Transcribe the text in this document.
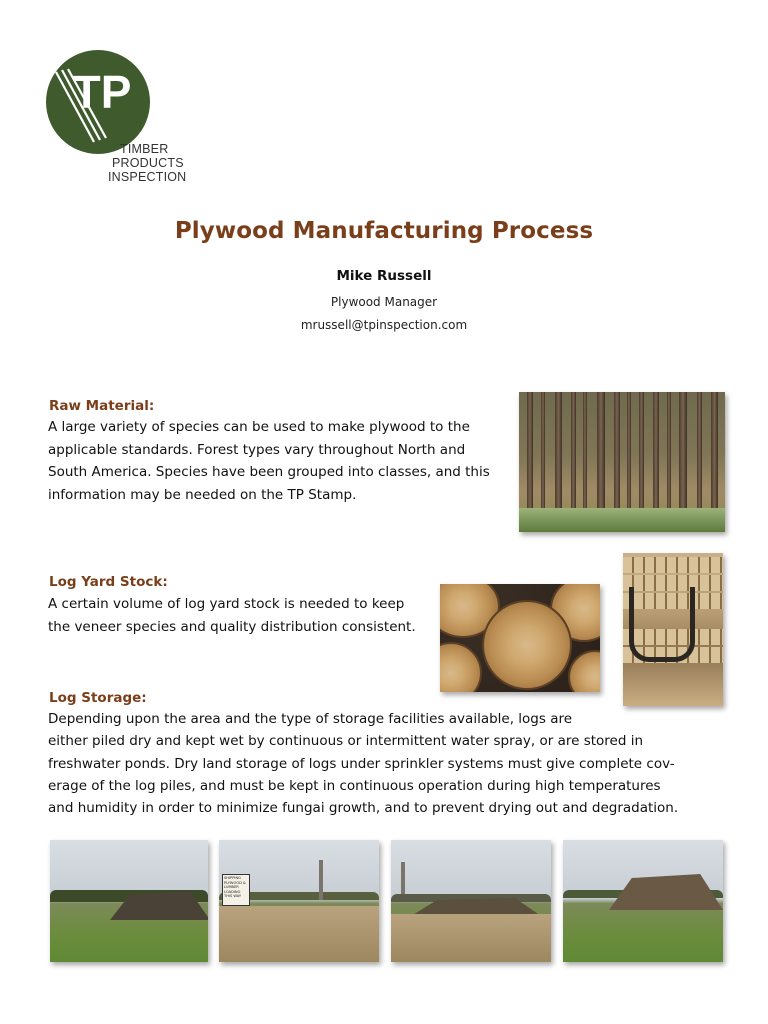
TP
TIMBER
PRODUCTS
INSPECTION
Plywood Manufacturing Process
Mike Russell
Plywood Manager
mrussell@tpinspection.com
Raw Material:
A large variety of species can be used to make plywood to the
applicable standards. Forest types vary throughout North and
South America. Species have been grouped into classes, and this
information may be needed on the TP Stamp.
Log Yard Stock:
A certain volume of log yard stock is needed to keep
the veneer species and quality distribution consistent.
Log Storage:
Depending upon the area and the type of storage facilities available, logs are
either piled dry and kept wet by continuous or intermittent water spray, or are stored in
freshwater ponds. Dry land storage of logs under sprinkler systems must give complete cov-
erage of the log piles, and must be kept in continuous operation during high temperatures
and humidity in order to minimize fungai growth, and to prevent drying out and degradation.
SHIPPING
PLYWOOD &
LUMBER
LOADING
THIS WAY
